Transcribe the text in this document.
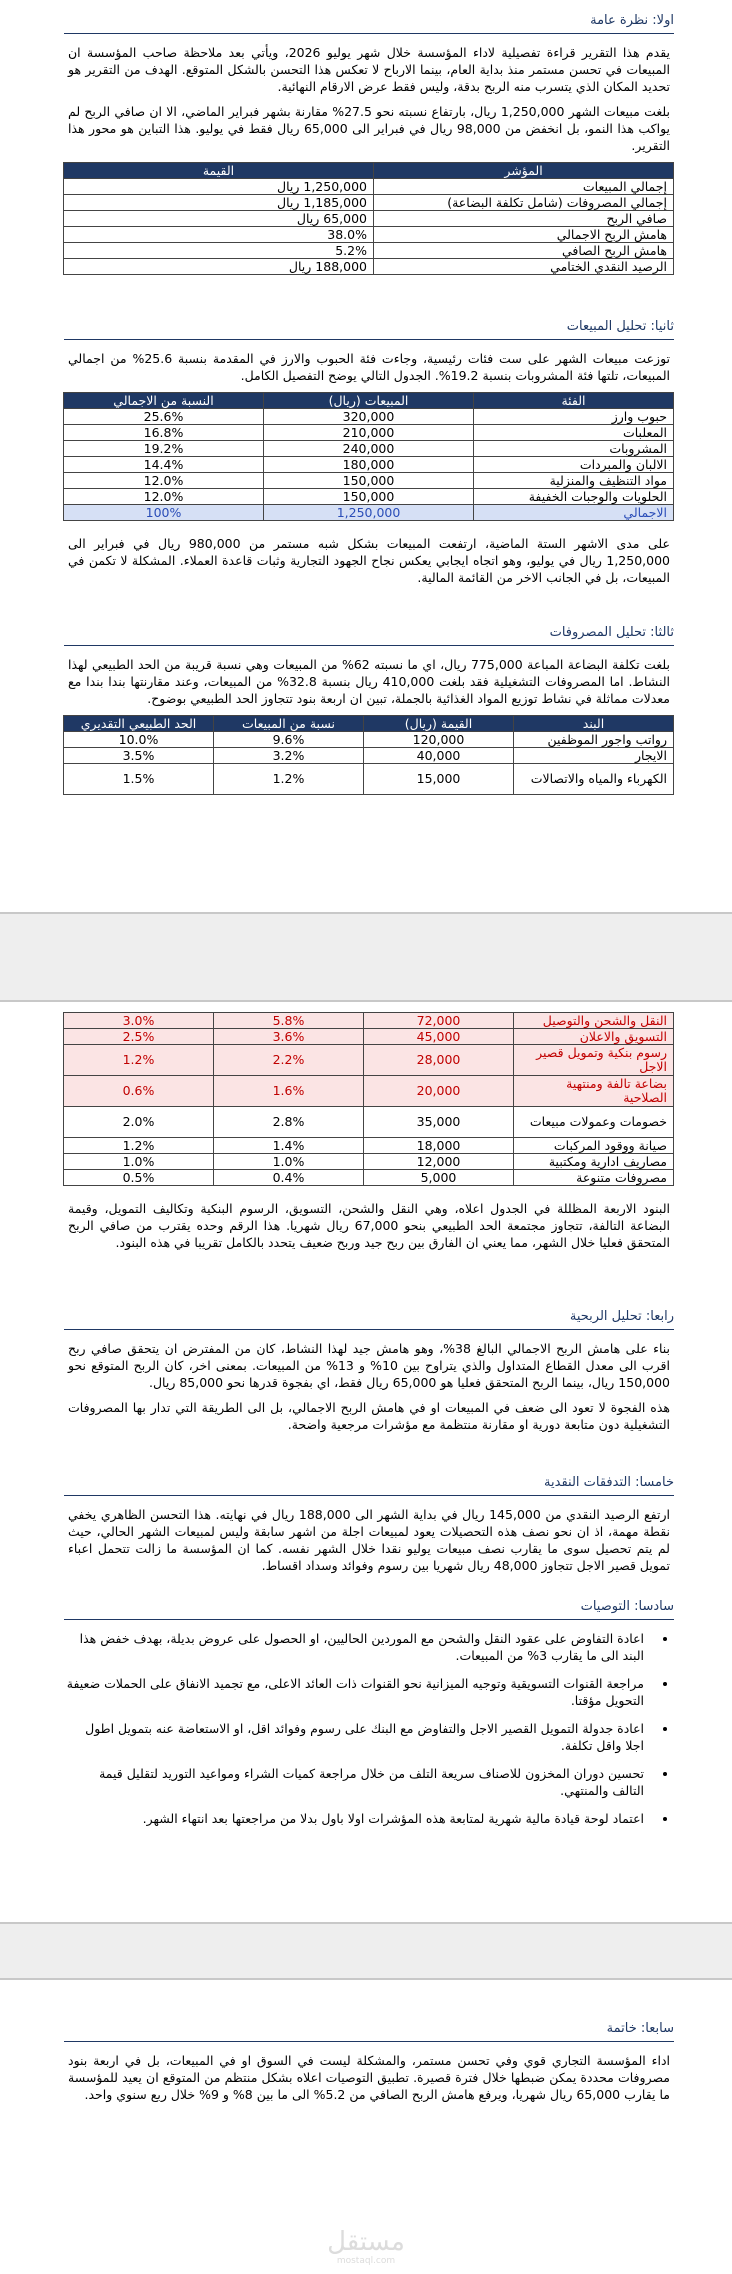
اولا: نظرة عامة

يقدم هذا التقرير قراءة تفصيلية لاداء المؤسسة خلال شهر يوليو 2026، ويأتي بعد ملاحظة صاحب المؤسسة ان المبيعات في تحسن مستمر منذ بداية العام، بينما الارباح لا تعكس هذا التحسن بالشكل المتوقع. الهدف من التقرير هو تحديد المكان الذي يتسرب منه الربح بدقة، وليس فقط عرض الارقام النهائية.

بلغت مبيعات الشهر 1,250,000 ريال، بارتفاع نسبته نحو 27.5% مقارنة بشهر فبراير الماضي، الا ان صافي الربح لم يواكب هذا النمو، بل انخفض من 98,000 ريال في فبراير الى 65,000 ريال فقط في يوليو. هذا التباين هو محور هذا التقرير.

المؤشر	القيمة
إجمالي المبيعات	1,250,000 ريال
إجمالي المصروفات (شامل تكلفة البضاعة)	1,185,000 ريال
صافي الربح	65,000 ريال
هامش الربح الاجمالي	38.0%
هامش الربح الصافي	5.2%
الرصيد النقدي الختامي	188,000 ريال
ثانيا: تحليل المبيعات

توزعت مبيعات الشهر على ست فئات رئيسية، وجاءت فئة الحبوب والارز في المقدمة بنسبة 25.6% من اجمالي المبيعات، تلتها فئة المشروبات بنسبة 19.2%. الجدول التالي يوضح التفصيل الكامل.

الفئة	المبيعات (ريال)	النسبة من الاجمالي
حبوب وارز	320,000	25.6%
المعلبات	210,000	16.8%
المشروبات	240,000	19.2%
الالبان والمبردات	180,000	14.4%
مواد التنظيف والمنزلية	150,000	12.0%
الحلويات والوجبات الخفيفة	150,000	12.0%
الاجمالي	1,250,000	100%

على مدى الاشهر الستة الماضية، ارتفعت المبيعات بشكل شبه مستمر من 980,000 ريال في فبراير الى 1,250,000 ريال في يوليو، وهو اتجاه ايجابي يعكس نجاح الجهود التجارية وثبات قاعدة العملاء. المشكلة لا تكمن في المبيعات، بل في الجانب الاخر من القائمة المالية.

ثالثا: تحليل المصروفات

بلغت تكلفة البضاعة المباعة 775,000 ريال، اي ما نسبته 62% من المبيعات وهي نسبة قريبة من الحد الطبيعي لهذا النشاط. اما المصروفات التشغيلية فقد بلغت 410,000 ريال بنسبة 32.8% من المبيعات، وعند مقارنتها بندا بندا مع معدلات مماثلة في نشاط توزيع المواد الغذائية بالجملة، تبين ان اربعة بنود تتجاوز الحد الطبيعي بوضوح.

البند	القيمة (ريال)	نسبة من المبيعات	الحد الطبيعي التقديري
رواتب واجور الموظفين	120,000	9.6%	10.0%
الايجار	40,000	3.2%	3.5%
الكهرباء والمياه والاتصالات	15,000	1.2%	1.5%
النقل والشحن والتوصيل	72,000	5.8%	3.0%
التسويق والاعلان	45,000	3.6%	2.5%
رسوم بنكية وتمويل قصير الاجل	28,000	2.2%	1.2%
بضاعة تالفة ومنتهية الصلاحية	20,000	1.6%	0.6%
خصومات وعمولات مبيعات	35,000	2.8%	2.0%
صيانة ووقود المركبات	18,000	1.4%	1.2%
مصاريف ادارية ومكتبية	12,000	1.0%	1.0%
مصروفات متنوعة	5,000	0.4%	0.5%

البنود الاربعة المظللة في الجدول اعلاه، وهي النقل والشحن، التسويق، الرسوم البنكية وتكاليف التمويل، وقيمة البضاعة التالفة، تتجاوز مجتمعة الحد الطبيعي بنحو 67,000 ريال شهريا. هذا الرقم وحده يقترب من صافي الربح المتحقق فعليا خلال الشهر، مما يعني ان الفارق بين ربح جيد وربح ضعيف يتحدد بالكامل تقريبا في هذه البنود.

رابعا: تحليل الربحية

بناء على هامش الربح الاجمالي البالغ 38%، وهو هامش جيد لهذا النشاط، كان من المفترض ان يتحقق صافي ربح اقرب الى معدل القطاع المتداول والذي يتراوح بين 10% و 13% من المبيعات. بمعنى اخر، كان الربح المتوقع نحو 150,000 ريال، بينما الربح المتحقق فعليا هو 65,000 ريال فقط، اي بفجوة قدرها نحو 85,000 ريال.

هذه الفجوة لا تعود الى ضعف في المبيعات او في هامش الربح الاجمالي، بل الى الطريقة التي تدار بها المصروفات التشغيلية دون متابعة دورية او مقارنة منتظمة مع مؤشرات مرجعية واضحة.

خامسا: التدفقات النقدية

ارتفع الرصيد النقدي من 145,000 ريال في بداية الشهر الى 188,000 ريال في نهايته. هذا التحسن الظاهري يخفي نقطة مهمة، اذ ان نحو نصف هذه التحصيلات يعود لمبيعات اجلة من اشهر سابقة وليس لمبيعات الشهر الحالي، حيث لم يتم تحصيل سوى ما يقارب نصف مبيعات يوليو نقدا خلال الشهر نفسه. كما ان المؤسسة ما زالت تتحمل اعباء تمويل قصير الاجل تتجاوز 48,000 ريال شهريا بين رسوم وفوائد وسداد اقساط.

سادسا: التوصيات
• اعادة التفاوض على عقود النقل والشحن مع الموردين الحاليين، او الحصول على عروض بديلة، بهدف خفض هذا البند الى ما يقارب 3% من المبيعات.
• مراجعة القنوات التسويقية وتوجيه الميزانية نحو القنوات ذات العائد الاعلى، مع تجميد الانفاق على الحملات ضعيفة التحويل مؤقتا.
• اعادة جدولة التمويل القصير الاجل والتفاوض مع البنك على رسوم وفوائد اقل، او الاستعاضة عنه بتمويل اطول اجلا واقل تكلفة.
• تحسين دوران المخزون للاصناف سريعة التلف من خلال مراجعة كميات الشراء ومواعيد التوريد لتقليل قيمة التالف والمنتهي.
• اعتماد لوحة قيادة مالية شهرية لمتابعة هذه المؤشرات اولا باول بدلا من مراجعتها بعد انتهاء الشهر.
سابعا: خاتمة

اداء المؤسسة التجاري قوي وفي تحسن مستمر، والمشكلة ليست في السوق او في المبيعات، بل في اربعة بنود مصروفات محددة يمكن ضبطها خلال فترة قصيرة. تطبيق التوصيات اعلاه بشكل منتظم من المتوقع ان يعيد للمؤسسة ما يقارب 65,000 ريال شهريا، ويرفع هامش الربح الصافي من 5.2% الى ما بين 8% و 9% خلال ربع سنوي واحد.

مستقل
mostaql.com
